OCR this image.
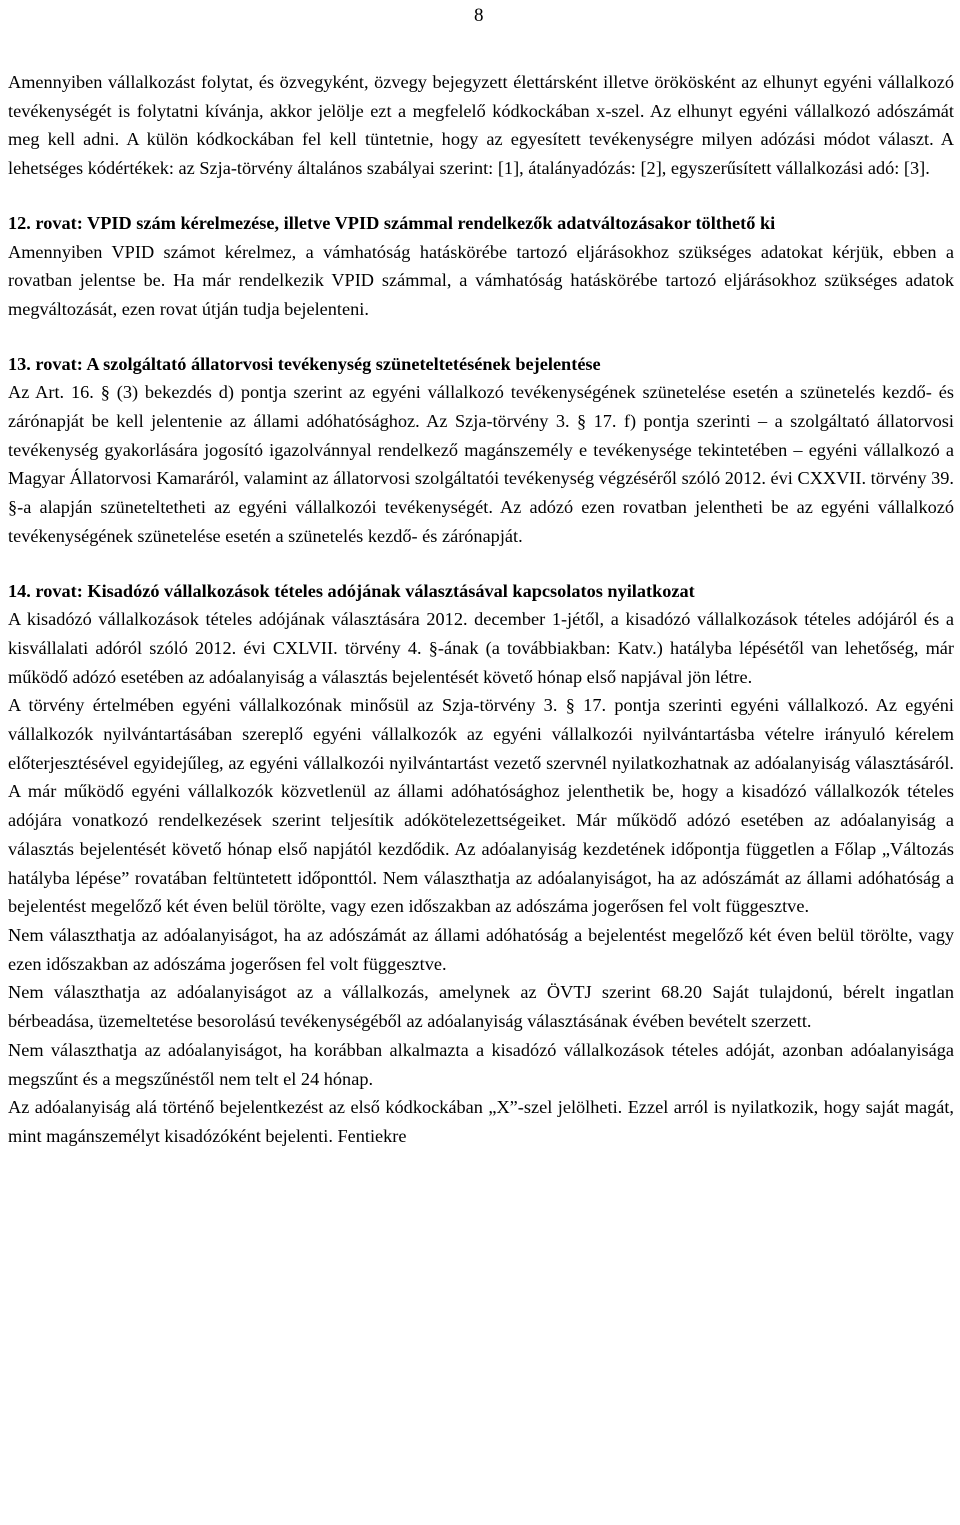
8

Amennyiben vállalkozást folytat, és özvegyként, özvegy bejegyzett élettársként illetve örökösként az elhunyt egyéni vállalkozó tevékenységét is folytatni kívánja, akkor jelölje ezt a megfelelő kódkockában x-szel. Az elhunyt egyéni vállalkozó adószámát meg kell adni. A külön kódkockában fel kell tüntetnie, hogy az egyesített tevékenységre milyen adózási módot választ. A lehetséges kódértékek: az Szja-törvény általános szabályai szerint: [1], átalányadózás: [2], egyszerűsített vállalkozási adó: [3].

12. rovat: VPID szám kérelmezése, illetve VPID számmal rendelkezők adatváltozásakor tölthető ki

Amennyiben VPID számot kérelmez, a vámhatóság hatáskörébe tartozó eljárásokhoz szükséges adatokat kérjük, ebben a rovatban jelentse be. Ha már rendelkezik VPID számmal, a vámhatóság hatáskörébe tartozó eljárásokhoz szükséges adatok megváltozását, ezen rovat útján tudja bejelenteni.

13. rovat: A szolgáltató állatorvosi tevékenység szüneteltetésének bejelentése

Az Art. 16. § (3) bekezdés d) pontja szerint az egyéni vállalkozó tevékenységének szünetelése esetén a szünetelés kezdő- és zárónapját be kell jelentenie az állami adóhatósághoz. Az Szja-törvény 3. § 17. f) pontja szerinti – a szolgáltató állatorvosi tevékenység gyakorlására jogosító igazolvánnyal rendelkező magánszemély e tevékenysége tekintetében – egyéni vállalkozó a Magyar Állatorvosi Kamaráról, valamint az állatorvosi szolgáltatói tevékenység végzéséről szóló 2012. évi CXXVII. törvény 39. §-a alapján szüneteltetheti az egyéni vállalkozói tevékenységét. Az adózó ezen rovatban jelentheti be az egyéni vállalkozó tevékenységének szünetelése esetén a szünetelés kezdő- és zárónapját.

14. rovat: Kisadózó vállalkozások tételes adójának választásával kapcsolatos nyilatkozat

A kisadózó vállalkozások tételes adójának választására 2012. december 1-jétől, a kisadózó vállalkozások tételes adójáról és a kisvállalati adóról szóló 2012. évi CXLVII. törvény 4. §-ának (a továbbiakban: Katv.) hatályba lépésétől van lehetőség, már működő adózó esetében az adóalanyiság a választás bejelentését követő hónap első napjával jön létre.

A törvény értelmében egyéni vállalkozónak minősül az Szja-törvény 3. § 17. pontja szerinti egyéni vállalkozó. Az egyéni vállalkozók nyilvántartásában szereplő egyéni vállalkozók az egyéni vállalkozói nyilvántartásba vételre irányuló kérelem előterjesztésével egyidejűleg, az egyéni vállalkozói nyilvántartást vezető szervnél nyilatkozhatnak az adóalanyiság választásáról. A már működő egyéni vállalkozók közvetlenül az állami adóhatósághoz jelenthetik be, hogy a kisadózó vállalkozók tételes adójára vonatkozó rendelkezések szerint teljesítik adókötelezettségeiket. Már működő adózó esetében az adóalanyiság a választás bejelentését követő hónap első napjától kezdődik. Az adóalanyiság kezdetének időpontja független a Főlap „Változás hatályba lépése” rovatában feltüntetett időponttól. Nem választhatja az adóalanyiságot, ha az adószámát az állami adóhatóság a bejelentést megelőző két éven belül törölte, vagy ezen időszakban az adószáma jogerősen fel volt függesztve.

Nem választhatja az adóalanyiságot, ha az adószámát az állami adóhatóság a bejelentést megelőző két éven belül törölte, vagy ezen időszakban az adószáma jogerősen fel volt függesztve.

Nem választhatja az adóalanyiságot az a vállalkozás, amelynek az ÖVTJ szerint 68.20 Saját tulajdonú, bérelt ingatlan bérbeadása, üzemeltetése besorolású tevékenységéből az adóalanyiság választásának évében bevételt szerzett.

Nem választhatja az adóalanyiságot, ha korábban alkalmazta a kisadózó vállalkozások tételes adóját, azonban adóalanyisága megszűnt és a megszűnéstől nem telt el 24 hónap.

Az adóalanyiság alá történő bejelentkezést az első kódkockában „X”-szel jelölheti. Ezzel arról is nyilatkozik, hogy saját magát, mint magánszemélyt kisadózóként bejelenti. Fentiekre
